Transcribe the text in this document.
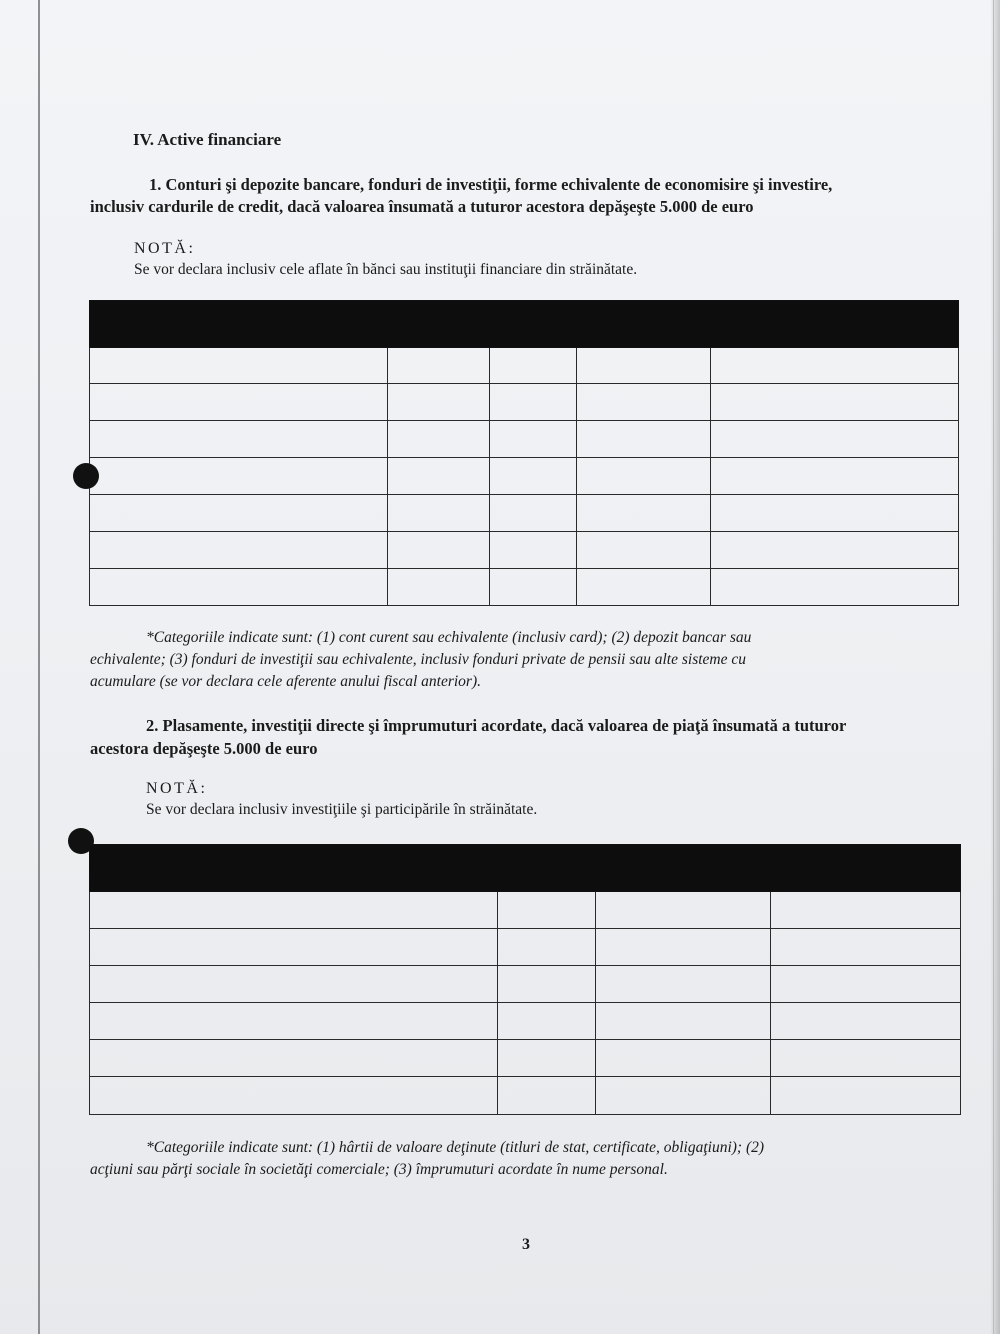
IV. Active financiare

1. Conturi şi depozite bancare, fonduri de investiţii, forme echivalente de economisire şi investire,

inclusiv cardurile de credit, dacă valoarea însumată a tuturor acestora depăşeşte 5.000 de euro

NOTĂ:

Se vor declara inclusiv cele aflate în bănci sau instituţii financiare din străinătate.

*Categoriile indicate sunt: (1) cont curent sau echivalente (inclusiv card); (2) depozit bancar sau

echivalente; (3) fonduri de investiţii sau echivalente, inclusiv fonduri private de pensii sau alte sisteme cu

acumulare (se vor declara cele aferente anului fiscal anterior).

2. Plasamente, investiţii directe şi împrumuturi acordate, dacă valoarea de piaţă însumată a tuturor

acestora depăşeşte 5.000 de euro

NOTĂ:

Se vor declara inclusiv investiţiile şi participările în străinătate.

*Categoriile indicate sunt: (1) hârtii de valoare deţinute (titluri de stat, certificate, obligaţiuni); (2)

acţiuni sau părţi sociale în societăţi comerciale; (3) împrumuturi acordate în nume personal.

3
